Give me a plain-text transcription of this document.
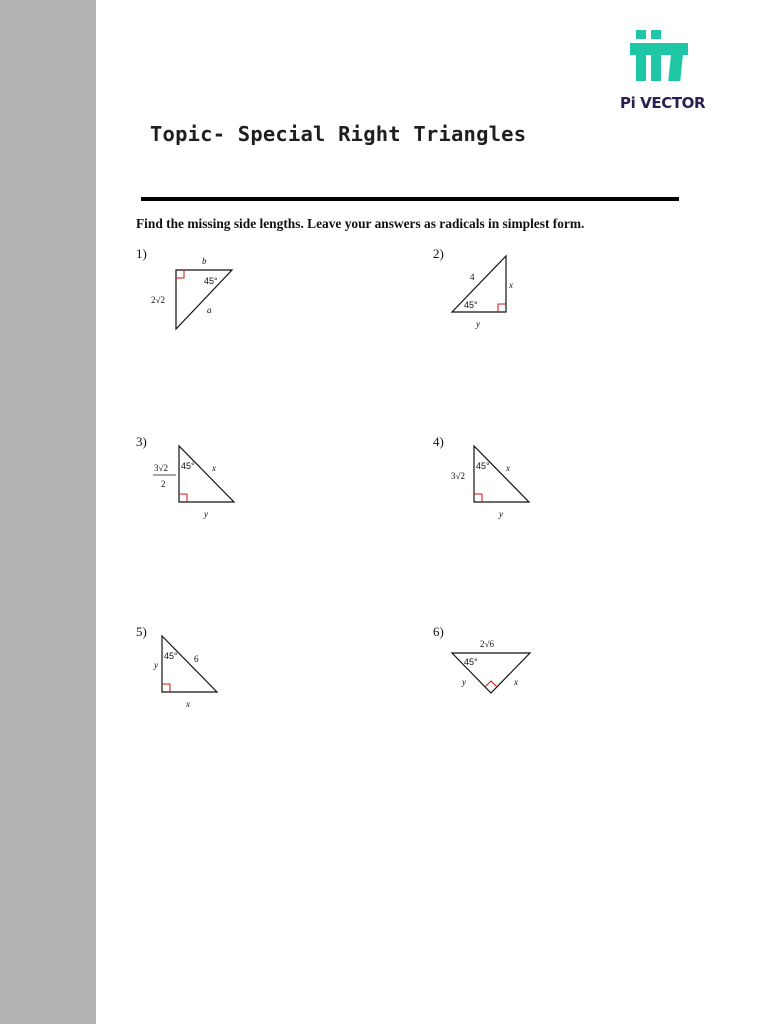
Pi VECTOR
Topic- Special Right Triangles
Find the missing side lengths. Leave your answers as radicals in simplest form.
1)	b
2√2
a
45°
2)
4
x
y
45°
3)
3√2
2
x
y
45°
4)
3√2
x
y
45°
5)
y
6
x
45°
6)
2√6
y	x
45°
